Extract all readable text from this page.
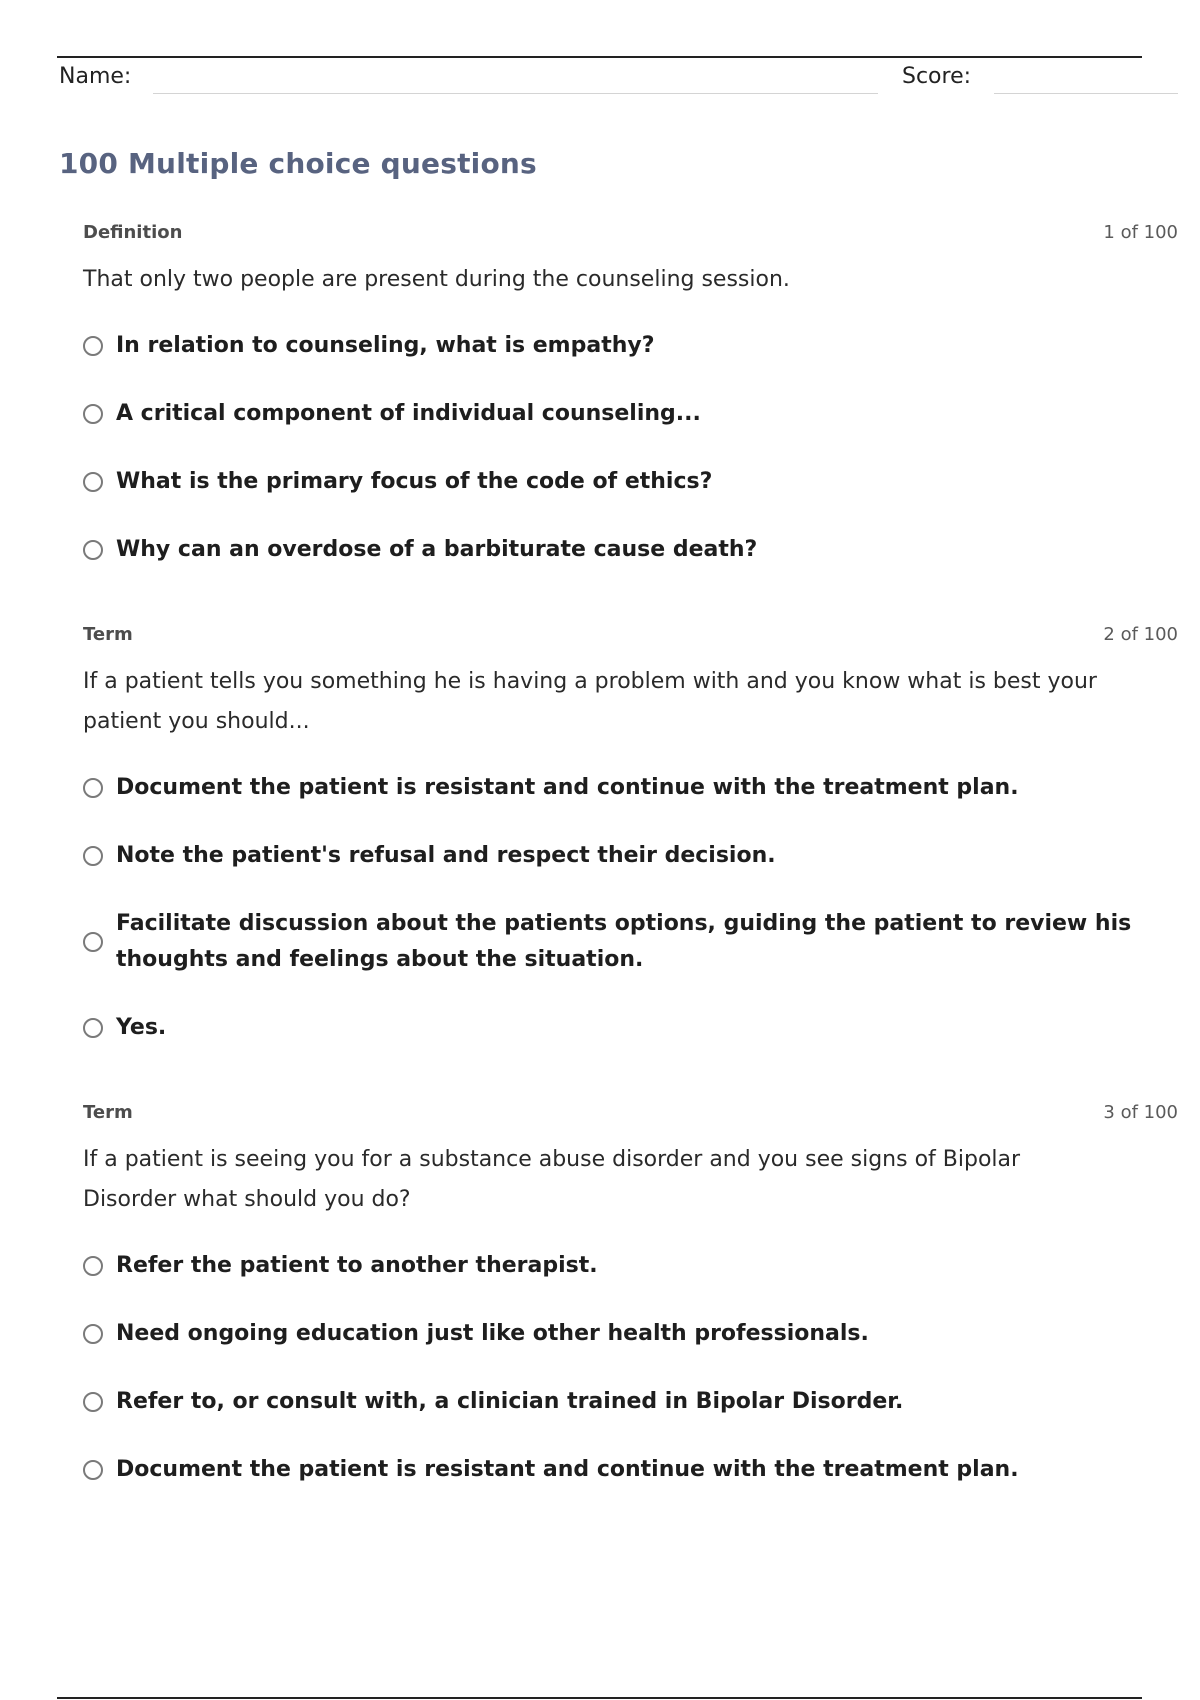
Name:	Score:
100 Multiple choice questions
Definition	1 of 100
That only two people are present during the counseling session.
In relation to counseling, what is empathy?
A critical component of individual counseling...
What is the primary focus of the code of ethics?
Why can an overdose of a barbiturate cause death?
Term	2 of 100
If a patient tells you something he is having a problem with and you know what is best your patient you should...
Document the patient is resistant and continue with the treatment plan.
Note the patient's refusal and respect their decision.
Facilitate discussion about the patients options, guiding the patient to review his thoughts and feelings about the situation.
Yes.
Term	3 of 100
If a patient is seeing you for a substance abuse disorder and you see signs of Bipolar Disorder what should you do?
Refer the patient to another therapist.
Need ongoing education just like other health professionals.
Refer to, or consult with, a clinician trained in Bipolar Disorder.
Document the patient is resistant and continue with the treatment plan.
